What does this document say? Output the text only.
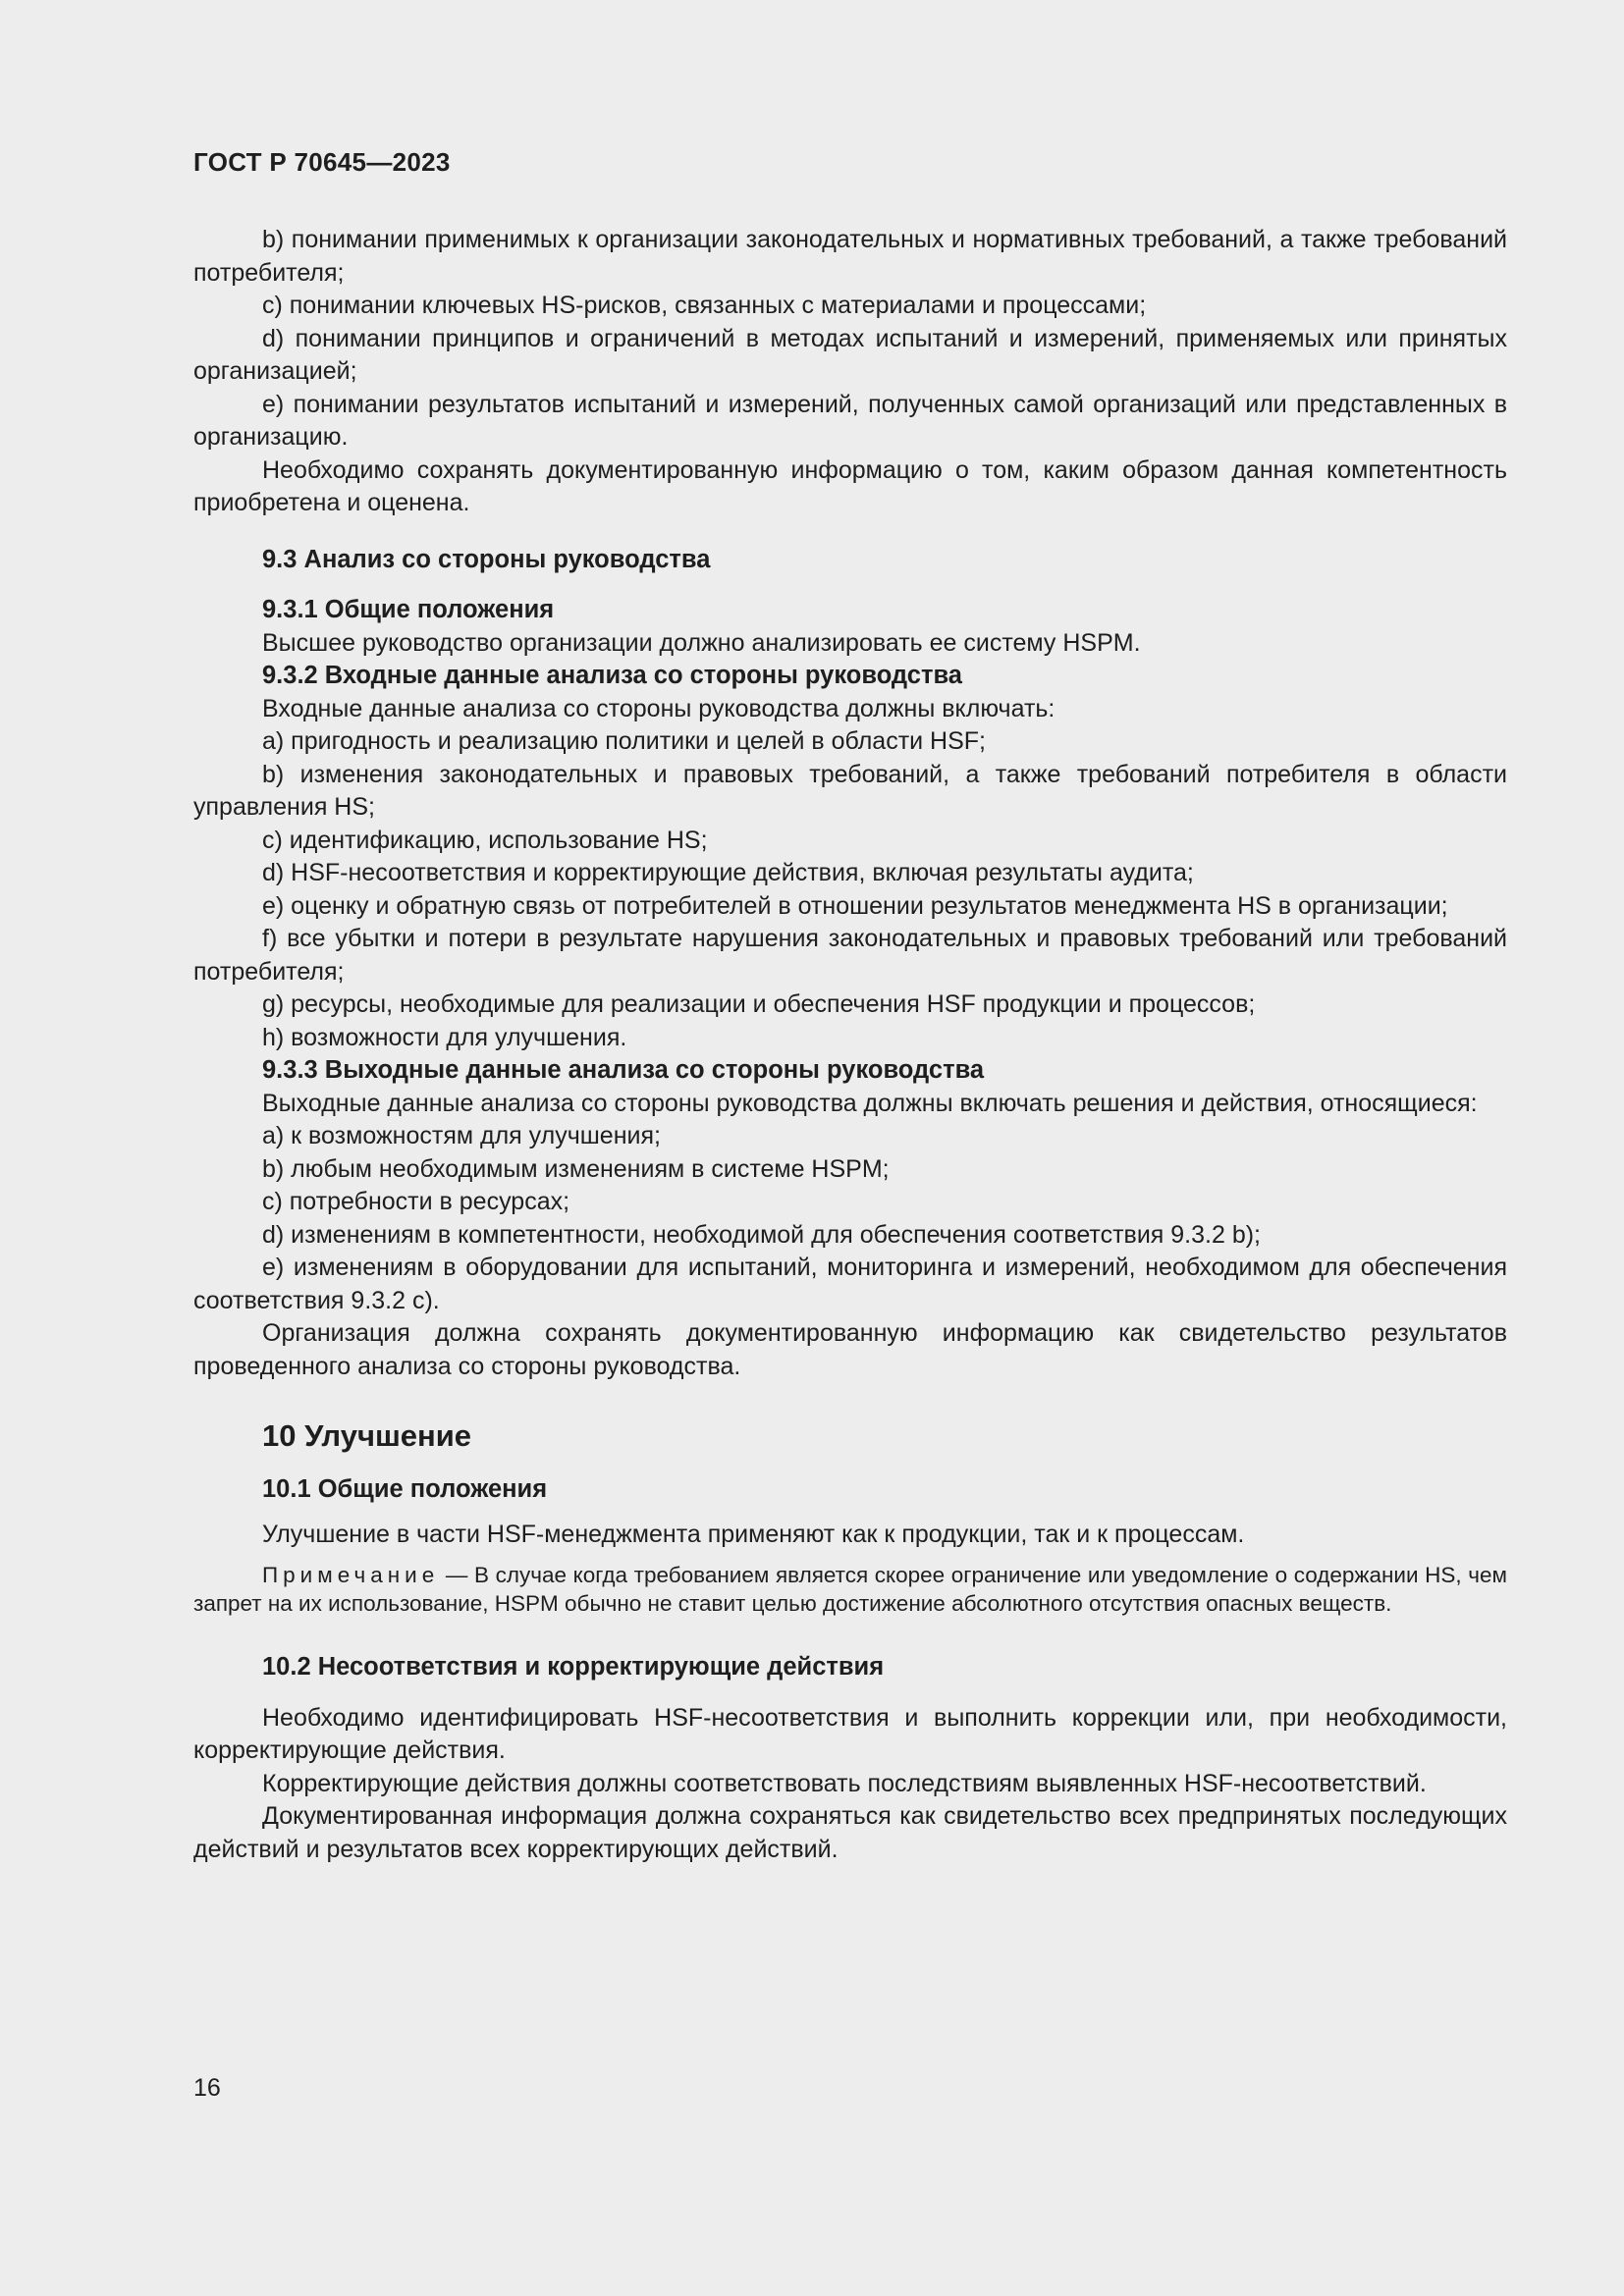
ГОСТ Р 70645—2023

b) понимании применимых к организации законодательных и нормативных требований, а также требований потребителя;

c) понимании ключевых HS-рисков, связанных с материалами и процессами;

d) понимании принципов и ограничений в методах испытаний и измерений, применяемых или принятых организацией;

e) понимании результатов испытаний и измерений, полученных самой организаций или представленных в организацию.

Необходимо сохранять документированную информацию о том, каким образом данная компетентность приобретена и оценена.

9.3 Анализ со стороны руководства

9.3.1 Общие положения

Высшее руководство организации должно анализировать ее систему HSPM.

9.3.2 Входные данные анализа со стороны руководства

Входные данные анализа со стороны руководства должны включать:

a) пригодность и реализацию политики и целей в области HSF;

b) изменения законодательных и правовых требований, а также требований потребителя в области управления HS;

c) идентификацию, использование HS;

d) HSF-несоответствия и корректирующие действия, включая результаты аудита;

e) оценку и обратную связь от потребителей в отношении результатов менеджмента HS в организации;

f) все убытки и потери в результате нарушения законодательных и правовых требований или требований потребителя;

g) ресурсы, необходимые для реализации и обеспечения HSF продукции и процессов;

h) возможности для улучшения.

9.3.3 Выходные данные анализа со стороны руководства

Выходные данные анализа со стороны руководства должны включать решения и действия, относящиеся:

a) к возможностям для улучшения;

b) любым необходимым изменениям в системе HSPM;

c) потребности в ресурсах;

d) изменениям в компетентности, необходимой для обеспечения соответствия 9.3.2 b);

e) изменениям в оборудовании для испытаний, мониторинга и измерений, необходимом для обеспечения соответствия 9.3.2 c).

Организация должна сохранять документированную информацию как свидетельство результатов проведенного анализа со стороны руководства.

10 Улучшение

10.1 Общие положения

Улучшение в части HSF-менеджмента применяют как к продукции, так и к процессам.

Примечание — В случае когда требованием является скорее ограничение или уведомление о содержании HS, чем запрет на их использование, HSPM обычно не ставит целью достижение абсолютного отсутствия опасных веществ.

10.2 Несоответствия и корректирующие действия

Необходимо идентифицировать HSF-несоответствия и выполнить коррекции или, при необходимости, корректирующие действия.

Корректирующие действия должны соответствовать последствиям выявленных HSF-несоответствий.

Документированная информация должна сохраняться как свидетельство всех предпринятых последующих действий и результатов всех корректирующих действий.

16
